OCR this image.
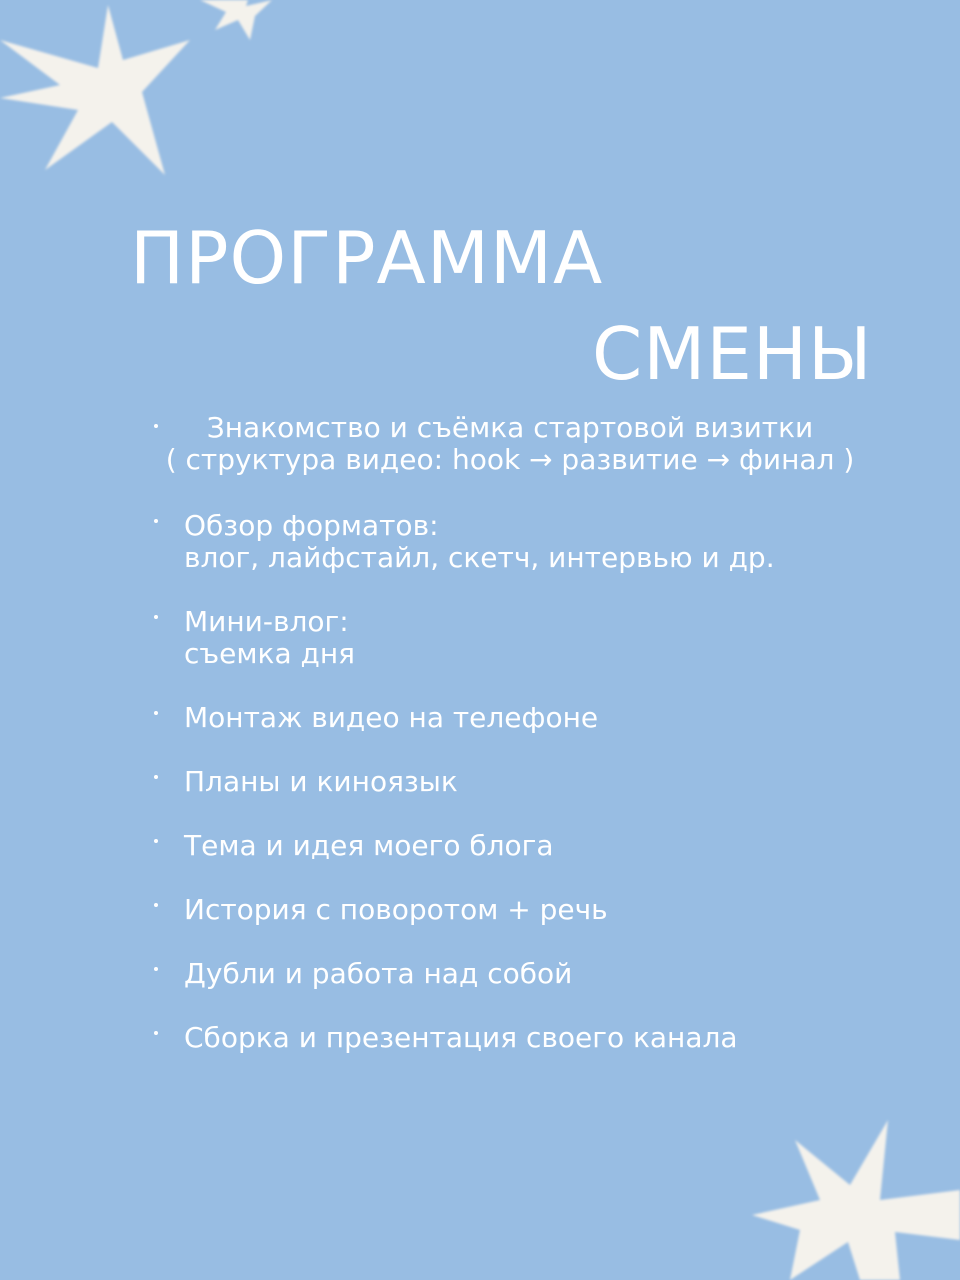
ПРОГРАММА
СМЕНЫ
Знакомство и съёмка стартовой визитки
( структура видео: hook → развитие → финал )
Обзор форматов:
влог, лайфстайл, скетч, интервью и др.
Мини-влог:
съемка дня
Монтаж видео на телефоне
Планы и киноязык
Тема и идея моего блога
История с поворотом + речь
Дубли и работа над собой
Сборка и презентация своего канала
